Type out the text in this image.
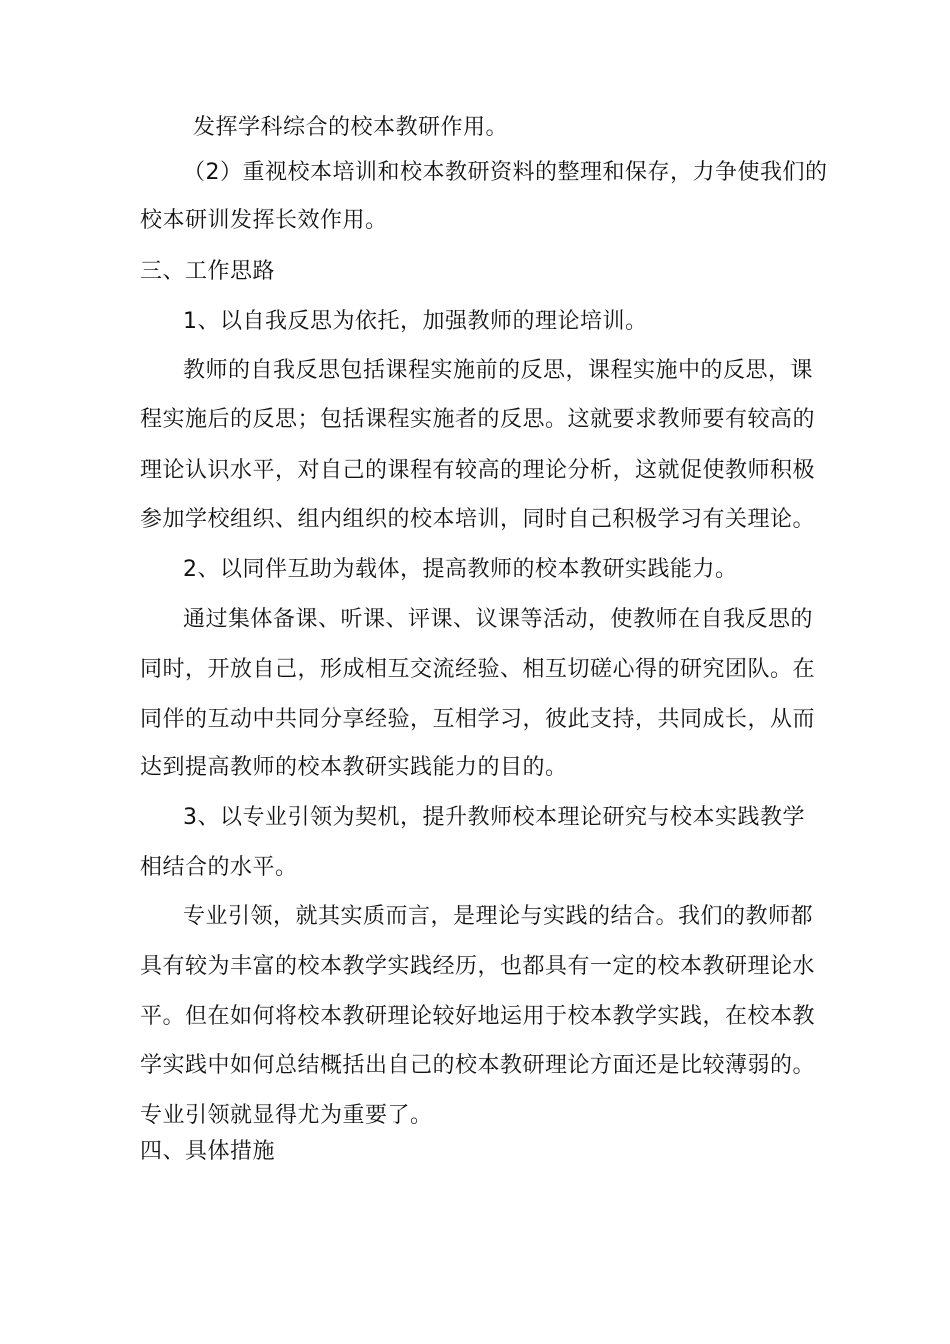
发挥学科综合的校本教研作用。
（2）重视校本培训和校本教研资料的整理和保存，力争使我们的
校本研训发挥长效作用。
三、工作思路
1、以自我反思为依托，加强教师的理论培训。
教师的自我反思包括课程实施前的反思，课程实施中的反思，课
程实施后的反思；包括课程实施者的反思。这就要求教师要有较高的
理论认识水平，对自己的课程有较高的理论分析，这就促使教师积极
参加学校组织、组内组织的校本培训，同时自己积极学习有关理论。
2、以同伴互助为载体，提高教师的校本教研实践能力。
通过集体备课、听课、评课、议课等活动，使教师在自我反思的
同时，开放自己，形成相互交流经验、相互切磋心得的研究团队。在
同伴的互动中共同分享经验，互相学习，彼此支持，共同成长，从而
达到提高教师的校本教研实践能力的目的。
3、以专业引领为契机，提升教师校本理论研究与校本实践教学
相结合的水平。
专业引领，就其实质而言，是理论与实践的结合。我们的教师都
具有较为丰富的校本教学实践经历，也都具有一定的校本教研理论水
平。但在如何将校本教研理论较好地运用于校本教学实践，在校本教
学实践中如何总结概括出自己的校本教研理论方面还是比较薄弱的。
专业引领就显得尤为重要了。
四、具体措施
